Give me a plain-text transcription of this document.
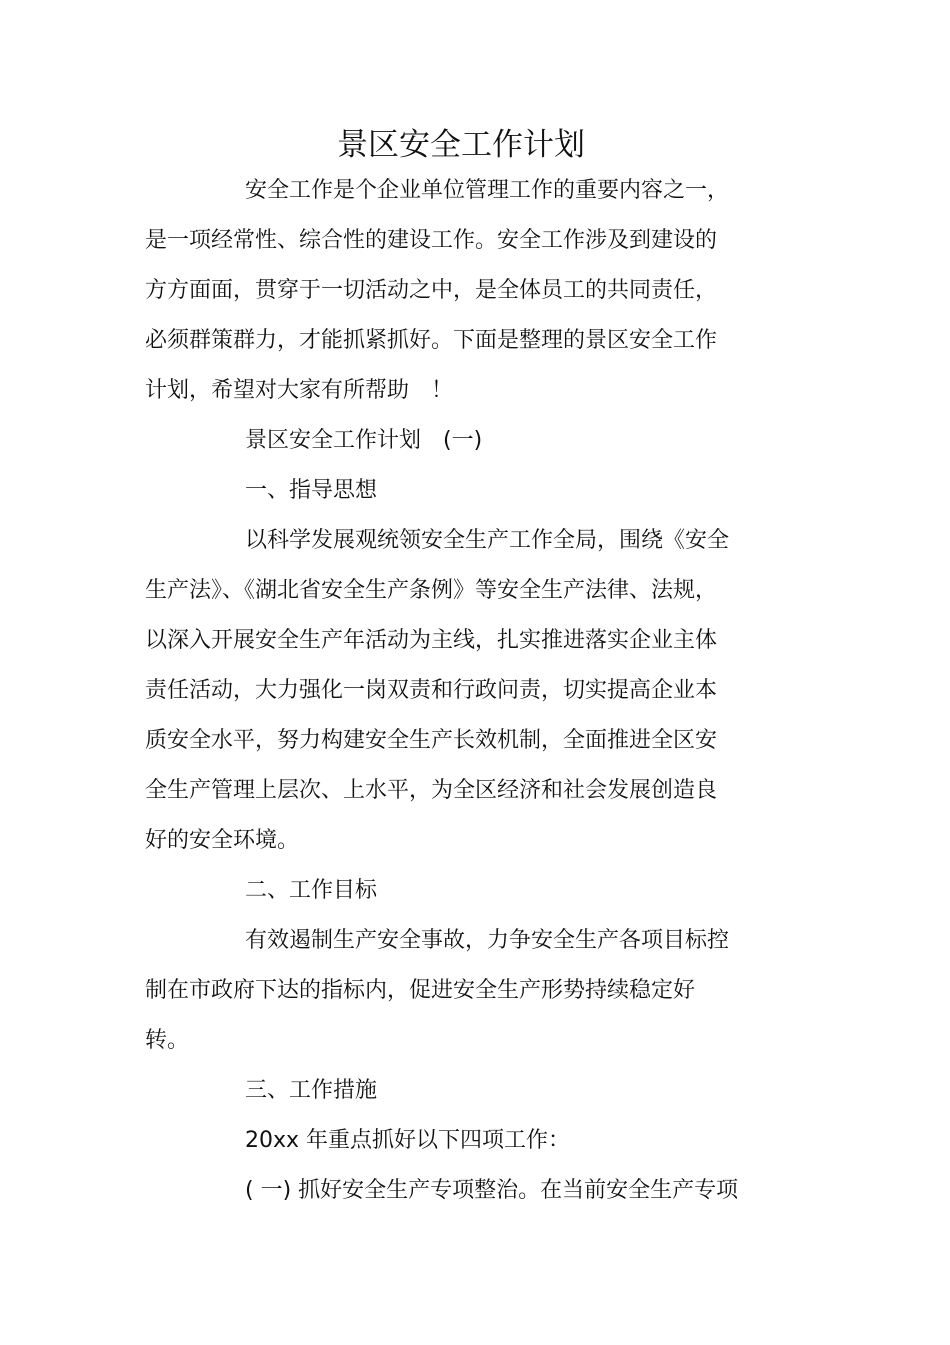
景区安全工作计划
安全工作是个企业单位管理工作的重要内容之一，
是一项经常性、综合性的建设工作。安全工作涉及到建设的
方方面面，贯穿于一切活动之中，是全体员工的共同责任，
必须群策群力，才能抓紧抓好。下面是整理的景区安全工作
计划，希望对大家有所帮助　！
景区安全工作计划　(一)
一、指导思想
以科学发展观统领安全生产工作全局，围绕《安全
生产法》、《湖北省安全生产条例》等安全生产法律、法规，
以深入开展安全生产年活动为主线，扎实推进落实企业主体
责任活动，大力强化一岗双责和行政问责，切实提高企业本
质安全水平，努力构建安全生产长效机制，全面推进全区安
全生产管理上层次、上水平，为全区经济和社会发展创造良
好的安全环境。
二、工作目标
有效遏制生产安全事故，力争安全生产各项目标控
制在市政府下达的指标内，促进安全生产形势持续稳定好
转。
三、工作措施
20xx 年重点抓好以下四项工作：
( 一) 抓好安全生产专项整治。在当前安全生产专项
